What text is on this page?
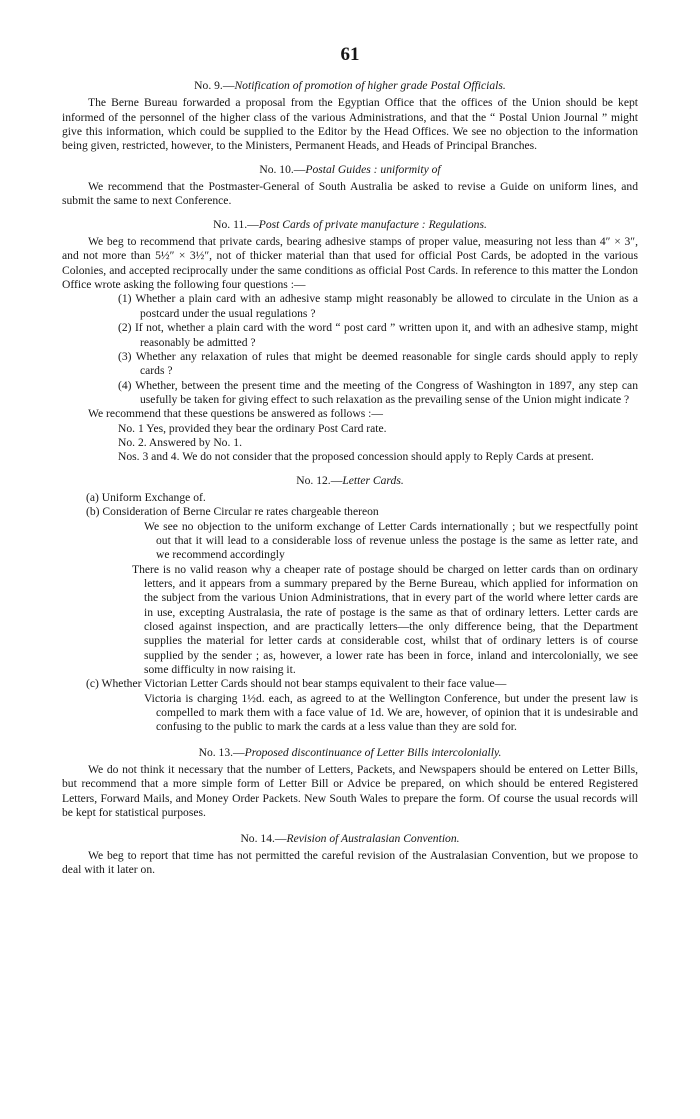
61
No. 9.—Notification of promotion of higher grade Postal Officials.

The Berne Bureau forwarded a proposal from the Egyptian Office that the offices of the Union should be kept informed of the personnel of the higher class of the various Administrations, and that the “ Postal Union Journal ” might give this information, which could be supplied to the Editor by the Head Offices. We see no objection to the information being given, restricted, however, to the Ministers, Permanent Heads, and Heads of Principal Branches.

No. 10.—Postal Guides : uniformity of

We recommend that the Postmaster-General of South Australia be asked to revise a Guide on uniform lines, and submit the same to next Conference.

No. 11.—Post Cards of private manufacture : Regulations.

We beg to recommend that private cards, bearing adhesive stamps of proper value, measuring not less than 4″ × 3″, and not more than 5½″ × 3½″, not of thicker material than that used for official Post Cards, be adopted in the various Colonies, and accepted reciprocally under the same conditions as official Post Cards. In reference to this matter the London Office wrote asking the following four questions :—

(1) Whether a plain card with an adhesive stamp might reasonably be allowed to circulate in the Union as a postcard under the usual regulations ?
(2) If not, whether a plain card with the word “ post card ” written upon it, and with an adhesive stamp, might reasonably be admitted ?
(3) Whether any relaxation of rules that might be deemed reasonable for single cards should apply to reply cards ?
(4) Whether, between the present time and the meeting of the Congress of Washington in 1897, any step can usefully be taken for giving effect to such relaxation as the prevailing sense of the Union might indicate ?

We recommend that these questions be answered as follows :—

No. 1 Yes, provided they bear the ordinary Post Card rate.
No. 2. Answered by No. 1.
Nos. 3 and 4. We do not consider that the proposed concession should apply to Reply Cards at present.
No. 12.—Letter Cards.
(a) Uniform Exchange of.
(b) Consideration of Berne Circular re rates chargeable thereon
We see no objection to the uniform exchange of Letter Cards internationally ; but we respectfully point out that it will lead to a considerable loss of revenue unless the postage is the same as letter rate, and we recommend accordingly
There is no valid reason why a cheaper rate of postage should be charged on letter cards than on ordinary letters, and it appears from a summary prepared by the Berne Bureau, which applied for information on the subject from the various Union Administrations, that in every part of the world where letter cards are in use, excepting Australasia, the rate of postage is the same as that of ordinary letters. Letter cards are closed against inspection, and are practically letters—the only difference being, that the Department supplies the material for letter cards at considerable cost, whilst that of ordinary letters is of course supplied by the sender ; as, however, a lower rate has been in force, inland and intercolonially, we see some difficulty in now raising it.
(c) Whether Victorian Letter Cards should not bear stamps equivalent to their face value—
Victoria is charging 1½d. each, as agreed to at the Wellington Conference, but under the present law is compelled to mark them with a face value of 1d. We are, however, of opinion that it is undesirable and confusing to the public to mark the cards at a less value than they are sold for.
No. 13.—Proposed discontinuance of Letter Bills intercolonially.

We do not think it necessary that the number of Letters, Packets, and Newspapers should be entered on Letter Bills, but recommend that a more simple form of Letter Bill or Advice be prepared, on which should be entered Registered Letters, Forward Mails, and Money Order Packets. New South Wales to prepare the form. Of course the usual records will be kept for statistical purposes.

No. 14.—Revision of Australasian Convention.

We beg to report that time has not permitted the careful revision of the Australasian Convention, but we propose to deal with it later on.
